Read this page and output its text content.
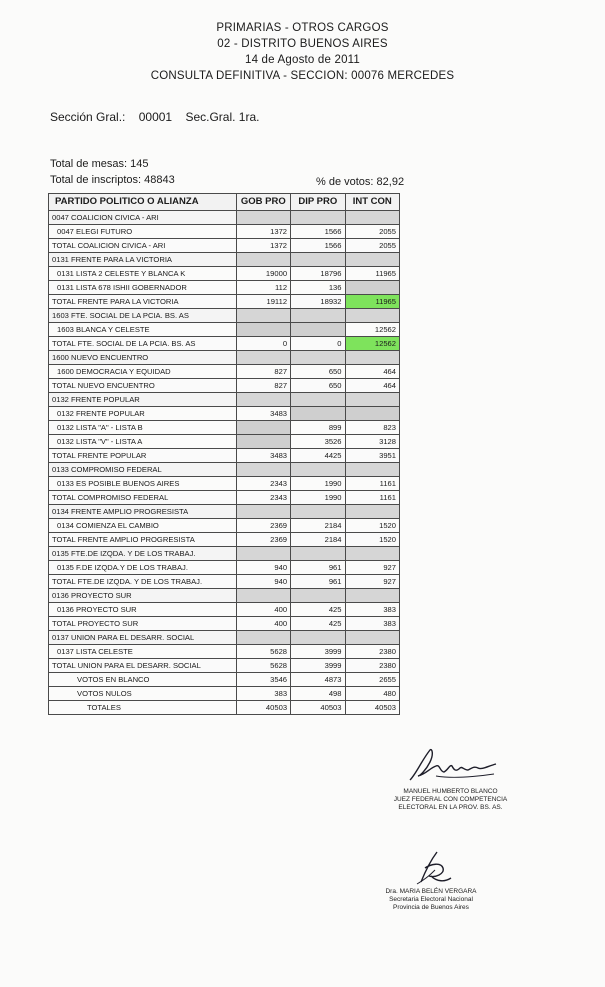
PRIMARIAS - OTROS CARGOS
02 - DISTRITO BUENOS AIRES
14 de Agosto de 2011
CONSULTA DEFINITIVA - SECCION: 00076 MERCEDES
Sección Gral.: 00001 Sec.Gral. 1ra.
Total de mesas: 145
Total de inscriptos: 48843	% de votos: 82,92
PARTIDO POLITICO O ALIANZA	GOB PRO	DIP PRO	INT CON
0047 COALICION CIVICA - ARI			
0047 ELEGI FUTURO	1372	1566	2055
TOTAL COALICION CIVICA - ARI	1372	1566	2055
0131 FRENTE PARA LA VICTORIA			
0131 LISTA 2 CELESTE Y BLANCA K	19000	18796	11965
0131 LISTA 678 ISHII GOBERNADOR	112	136	
TOTAL FRENTE PARA LA VICTORIA	19112	18932	11965
1603 FTE. SOCIAL DE LA PCIA. BS. AS			
1603 BLANCA Y CELESTE			12562
TOTAL FTE. SOCIAL DE LA PCIA. BS. AS	0	0	12562
1600 NUEVO ENCUENTRO			
1600 DEMOCRACIA Y EQUIDAD	827	650	464
TOTAL NUEVO ENCUENTRO	827	650	464
0132 FRENTE POPULAR			
0132 FRENTE POPULAR	3483		
0132 LISTA "A" - LISTA B		899	823
0132 LISTA "V" - LISTA A		3526	3128
TOTAL FRENTE POPULAR	3483	4425	3951
0133 COMPROMISO FEDERAL			
0133 ES POSIBLE BUENOS AIRES	2343	1990	1161
TOTAL COMPROMISO FEDERAL	2343	1990	1161
0134 FRENTE AMPLIO PROGRESISTA			
0134 COMIENZA EL CAMBIO	2369	2184	1520
TOTAL FRENTE AMPLIO PROGRESISTA	2369	2184	1520
0135 FTE.DE IZQDA. Y DE LOS TRABAJ.			
0135 F.DE IZQDA.Y DE LOS TRABAJ.	940	961	927
TOTAL FTE.DE IZQDA. Y DE LOS TRABAJ.	940	961	927
0136 PROYECTO SUR			
0136 PROYECTO SUR	400	425	383
TOTAL PROYECTO SUR	400	425	383
0137 UNION PARA EL DESARR. SOCIAL			
0137 LISTA CELESTE	5628	3999	2380
TOTAL UNION PARA EL DESARR. SOCIAL	5628	3999	2380
VOTOS EN BLANCO	3546	4873	2655
VOTOS NULOS	383	498	480
TOTALES	40503	40503	40503
MANUEL HUMBERTO BLANCO
JUEZ FEDERAL CON COMPETENCIA
ELECTORAL EN LA PROV. BS. AS.
Dra. MARIA BELÉN VERGARA
Secretaria Electoral Nacional
Provincia de Buenos Aires
